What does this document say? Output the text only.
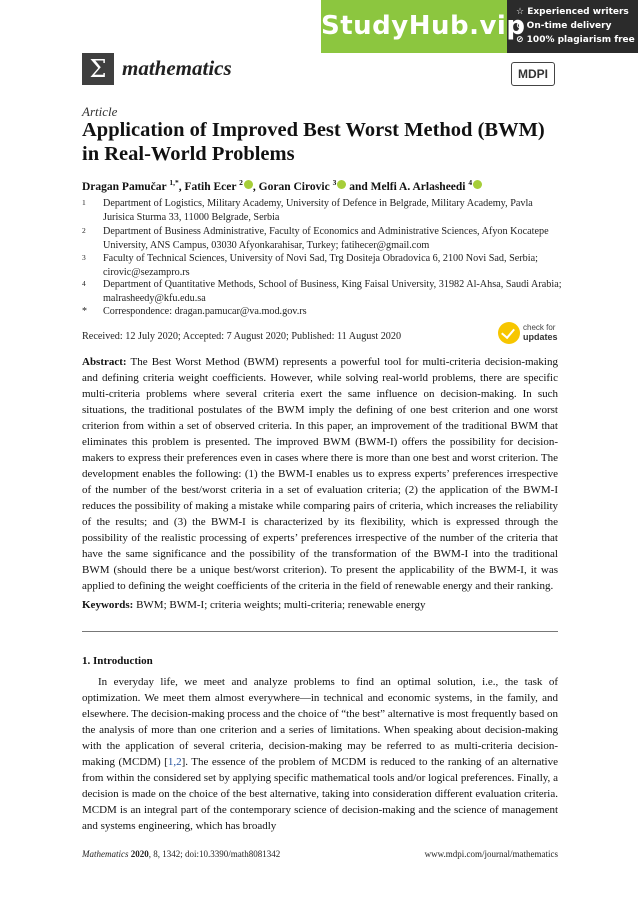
StudyHub.vip
☆ Experienced writers
⊙ On-time delivery
⊘ 100% plagiarism free
Σ mathematics	MDPI
Article
Application of Improved Best Worst Method (BWM) in Real-World Problems
Dragan Pamučar $^{1,*}$, Fatih Ecer $^2$ , Goran Cirovic $^3$ and Melfi A. Arlasheedi $^4$
1 Department of Logistics, Military Academy, University of Defence in Belgrade, Military Academy, Pavla Jurisica Sturma 33, 11000 Belgrade, Serbia
2 Department of Business Administrative, Faculty of Economics and Administrative Sciences, Afyon Kocatepe University, ANS Campus, 03030 Afyonkarahisar, Turkey; fatihecer@gmail.com
3 Faculty of Technical Sciences, University of Novi Sad, Trg Dositeja Obradovica 6, 2100 Novi Sad, Serbia; cirovic@sezampro.rs
4 Department of Quantitative Methods, School of Business, King Faisal University, 31982 Al-Ahsa, Saudi Arabia; malrasheedy@kfu.edu.sa
* Correspondence: dragan.pamucar@va.mod.gov.rs
Received: 12 July 2020; Accepted: 7 August 2020; Published: 11 August 2020
check for
updates
Abstract: The Best Worst Method (BWM) represents a powerful tool for multi-criteria decision-making and defining criteria weight coefficients. However, while solving real-world problems, there are specific multi-criteria problems where several criteria exert the same influence on decision-making. In such situations, the traditional postulates of the BWM imply the defining of one best criterion and one worst criterion from within a set of observed criteria. In this paper, an improvement of the traditional BWM that eliminates this problem is presented. The improved BWM (BWM-I) offers the possibility for decision-makers to express their preferences even in cases where there is more than one best and worst criterion. The development enables the following: (1) the BWM-I enables us to express experts’ preferences irrespective of the number of the best/worst criteria in a set of evaluation criteria; (2) the application of the BWM-I reduces the possibility of making a mistake while comparing pairs of criteria, which increases the reliability of the results; and (3) the BWM-I is characterized by its flexibility, which is expressed through the possibility of the realistic processing of experts’ preferences irrespective of the number of the criteria that have the same significance and the possibility of the transformation of the BWM-I into the traditional BWM (should there be a unique best/worst criterion). To present the applicability of the BWM-I, it was applied to defining the weight coefficients of the criteria in the field of renewable energy and their ranking.
Keywords: BWM; BWM-I; criteria weights; multi-criteria; renewable energy
1. Introduction
In everyday life, we meet and analyze problems to find an optimal solution, i.e., the task of optimization. We meet them almost everywhere—in technical and economic systems, in the family, and elsewhere. The decision-making process and the choice of “the best” alternative is most frequently based on the analysis of more than one criterion and a series of limitations. When speaking about decision-making with the application of several criteria, decision-making may be referred to as multi-criteria decision-making (MCDM) [1,2]. The essence of the problem of MCDM is reduced to the ranking of an alternative from within the considered set by applying specific mathematical tools and/or logical preferences. Finally, a decision is made on the choice of the best alternative, taking into consideration different evaluation criteria. MCDM is an integral part of the contemporary science of decision-making and the science of management and systems engineering, which has broadly
Mathematics 2020, 8, 1342; doi:10.3390/math8081342	www.mdpi.com/journal/mathematics
